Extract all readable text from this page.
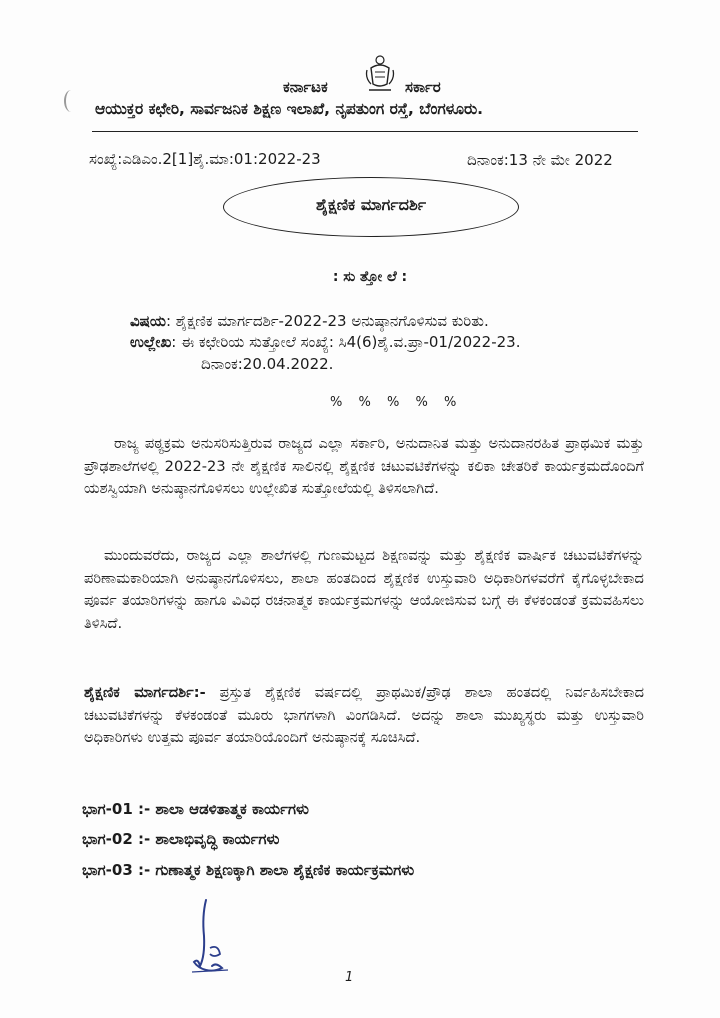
ಕರ್ನಾಟಕ	ಸರ್ಕಾರ
ಆಯುಕ್ತರ ಕಛೇರಿ, ಸಾರ್ವಜನಿಕ ಶಿಕ್ಷಣ ಇಲಾಖೆ, ನೃಪತುಂಗ ರಸ್ತೆ, ಬೆಂಗಳೂರು.
ಸಂಖ್ಯೆ:ಎಡಿಎಂ.2[1]ಶೈ.ಮಾ:01:2022-23	ದಿನಾಂಕ:13 ನೇ ಮೇ 2022
ಶೈಕ್ಷಣಿಕ ಮಾರ್ಗದರ್ಶಿ
: ಸು ತ್ತೋ ಲೆ :
ವಿಷಯ: ಶೈಕ್ಷಣಿಕ ಮಾರ್ಗದರ್ಶಿ-2022-23 ಅನುಷ್ಠಾನಗೊಳಿಸುವ ಕುರಿತು.
ಉಲ್ಲೇಖ: ಈ ಕಛೇರಿಯ ಸುತ್ತೋಲೆ ಸಂಖ್ಯೆ: ಸಿ4(6)ಶೈ.ವ.ಪ್ರಾ-01/2022-23.
ದಿನಾಂಕ:20.04.2022.
% % % % %
ರಾಜ್ಯ ಪಠ್ಯಕ್ರಮ ಅನುಸರಿಸುತ್ತಿರುವ ರಾಜ್ಯದ ಎಲ್ಲಾ ಸರ್ಕಾರಿ, ಅನುದಾನಿತ ಮತ್ತು ಅನುದಾನರಹಿತ ಪ್ರಾಥಮಿಕ ಮತ್ತು ಪ್ರೌಢಶಾಲೆಗಳಲ್ಲಿ 2022-23 ನೇ ಶೈಕ್ಷಣಿಕ ಸಾಲಿನಲ್ಲಿ ಶೈಕ್ಷಣಿಕ ಚಟುವಟಿಕೆಗಳನ್ನು ಕಲಿಕಾ ಚೇತರಿಕೆ ಕಾರ್ಯಕ್ರಮದೊಂದಿಗೆ ಯಶಸ್ವಿಯಾಗಿ ಅನುಷ್ಠಾನಗೊಳಿಸಲು ಉಲ್ಲೇಖಿತ ಸುತ್ತೋಲೆಯಲ್ಲಿ ತಿಳಿಸಲಾಗಿದೆ.
ಮುಂದುವರೆದು, ರಾಜ್ಯದ ಎಲ್ಲಾ ಶಾಲೆಗಳಲ್ಲಿ ಗುಣಮಟ್ಟದ ಶಿಕ್ಷಣವನ್ನು ಮತ್ತು ಶೈಕ್ಷಣಿಕ ವಾರ್ಷಿಕ ಚಟುವಟಿಕೆಗಳನ್ನು ಪರಿಣಾಮಕಾರಿಯಾಗಿ ಅನುಷ್ಠಾನಗೊಳಿಸಲು, ಶಾಲಾ ಹಂತದಿಂದ ಶೈಕ್ಷಣಿಕ ಉಸ್ತುವಾರಿ ಅಧಿಕಾರಿಗಳವರೆಗೆ ಕೈಗೊಳ್ಳಬೇಕಾದ ಪೂರ್ವ ತಯಾರಿಗಳನ್ನು ಹಾಗೂ ವಿವಿಧ ರಚನಾತ್ಮಕ ಕಾರ್ಯಕ್ರಮಗಳನ್ನು ಆಯೋಜಿಸುವ ಬಗ್ಗೆ ಈ ಕೆಳಕಂಡಂತೆ ಕ್ರಮವಹಿಸಲು ತಿಳಿಸಿದೆ.
ಶೈಕ್ಷಣಿಕ ಮಾರ್ಗದರ್ಶಿ:- ಪ್ರಸ್ತುತ ಶೈಕ್ಷಣಿಕ ವರ್ಷದಲ್ಲಿ ಪ್ರಾಥಮಿಕ/ಪ್ರೌಢ ಶಾಲಾ ಹಂತದಲ್ಲಿ ನಿರ್ವಹಿಸಬೇಕಾದ ಚಟುವಟಿಕೆಗಳನ್ನು ಕೆಳಕಂಡಂತೆ ಮೂರು ಭಾಗಗಳಾಗಿ ವಿಂಗಡಿಸಿದೆ. ಅದನ್ನು ಶಾಲಾ ಮುಖ್ಯಸ್ಥರು ಮತ್ತು ಉಸ್ತುವಾರಿ ಅಧಿಕಾರಿಗಳು ಉತ್ತಮ ಪೂರ್ವ ತಯಾರಿಯೊಂದಿಗೆ ಅನುಷ್ಠಾನಕ್ಕೆ ಸೂಚಿಸಿದೆ.
ಭಾಗ-01 :- ಶಾಲಾ ಆಡಳಿತಾತ್ಮಕ ಕಾರ್ಯಗಳು
ಭಾಗ-02 :- ಶಾಲಾಭಿವೃದ್ಧಿ ಕಾರ್ಯಗಳು
ಭಾಗ-03 :- ಗುಣಾತ್ಮಕ ಶಿಕ್ಷಣಕ್ಕಾಗಿ ಶಾಲಾ ಶೈಕ್ಷಣಿಕ ಕಾರ್ಯಕ್ರಮಗಳು
1
